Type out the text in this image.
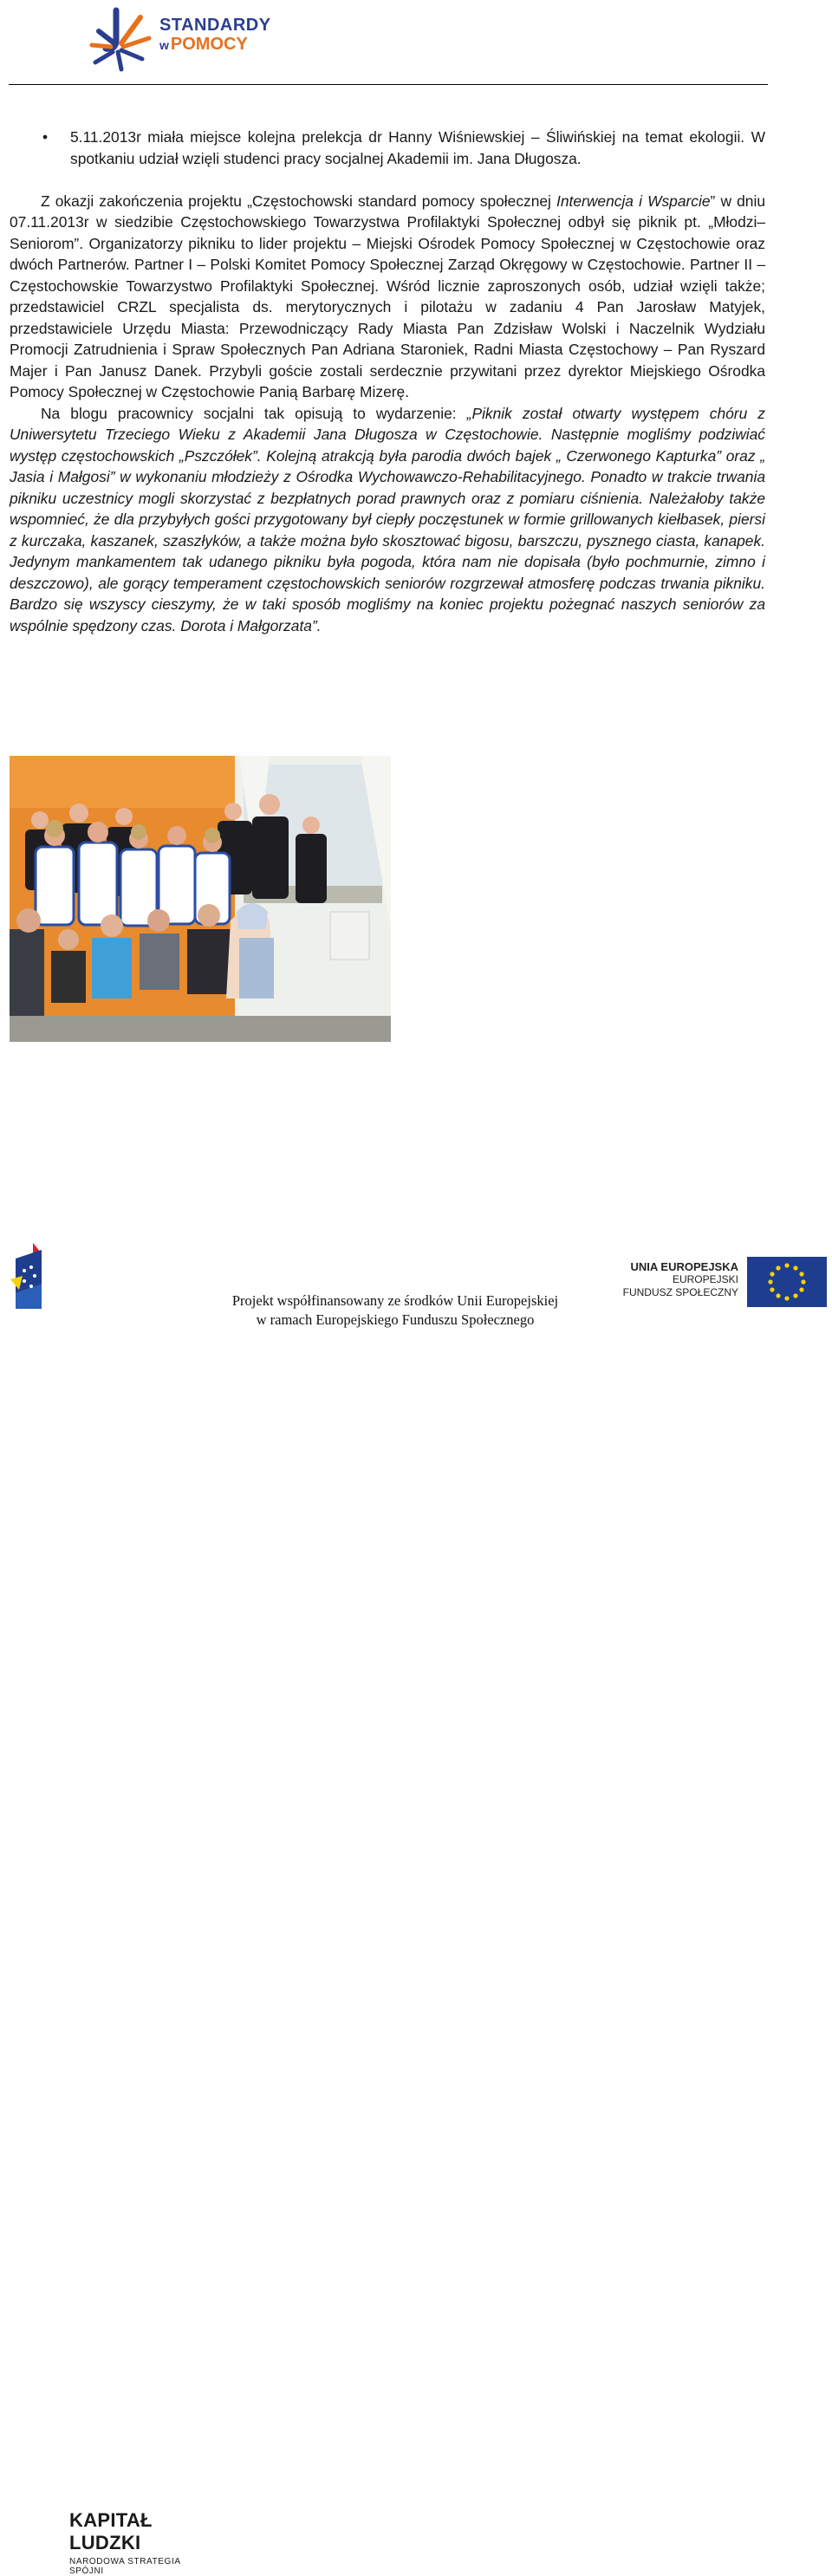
STANDARDY
w POMOCY
• 5.11.2013r miała miejsce kolejna prelekcja dr Hanny Wiśniewskiej – Śliwińskiej na temat ekologii. W spotkaniu udział wzięli studenci pracy socjalnej Akademii im. Jana Długosza.

Z okazji zakończenia projektu „Częstochowski standard pomocy społecznej Interwencja i Wsparcie” w dniu 07.11.2013r w siedzibie Częstochowskiego Towarzystwa Profilaktyki Społecznej odbył się piknik pt. „Młodzi–Seniorom”. Organizatorzy pikniku to lider projektu – Miejski Ośrodek Pomocy Społecznej w Częstochowie oraz dwóch Partnerów. Partner I – Polski Komitet Pomocy Społecznej Zarząd Okręgowy w Częstochowie. Partner II – Częstochowskie Towarzystwo Profilaktyki Społecznej. Wśród licznie zaproszonych osób, udział wzięli także; przedstawiciel CRZL specjalista ds. merytorycznych i pilotażu w zadaniu 4 Pan Jarosław Matyjek, przedstawiciele Urzędu Miasta: Przewodniczący Rady Miasta Pan Zdzisław Wolski i Naczelnik Wydziału Promocji Zatrudnienia i Spraw Społecznych Pan Adriana Staroniek, Radni Miasta Częstochowy – Pan Ryszard Majer i Pan Janusz Danek. Przybyli goście zostali serdecznie przywitani przez dyrektor Miejskiego Ośrodka Pomocy Społecznej w Częstochowie Panią Barbarę Mizerę.

Na blogu pracownicy socjalni tak opisują to wydarzenie: „Piknik został otwarty występem chóru z Uniwersytetu Trzeciego Wieku z Akademii Jana Długosza w Częstochowie. Następnie mogliśmy podziwiać występ częstochowskich „Pszczółek”. Kolejną atrakcją była parodia dwóch bajek „ Czerwonego Kapturka” oraz „ Jasia i Małgosi” w wykonaniu młodzieży z Ośrodka Wychowawczo-Rehabilitacyjnego. Ponadto w trakcie trwania pikniku uczestnicy mogli skorzystać z bezpłatnych porad prawnych oraz z pomiaru ciśnienia. Należałoby także wspomnieć, że dla przybyłych gości przygotowany był ciepły poczęstunek w formie grillowanych kiełbasek, piersi z kurczaka, kaszanek, szaszłyków, a także można było skosztować bigosu, barszczu, pysznego ciasta, kanapek. Jedynym mankamentem tak udanego pikniku była pogoda, która nam nie dopisała (było pochmurnie, zimno i deszczowo), ale gorący temperament częstochowskich seniorów rozgrzewał atmosferę podczas trwania pikniku. Bardzo się wszyscy cieszymy, że w taki sposób mogliśmy na koniec projektu pożegnać naszych seniorów za wspólnie spędzony czas. Dorota i Małgorzata”.

KAPITAŁ LUDZKI
NARODOWA STRATEGIA SPÓJNI
Projekt współfinansowany ze środków Unii Europejskiej
w ramach Europejskiego Funduszu Społecznego
UNIA EUROPEJSKA
EUROPEJSKI
FUNDUSZ SPOŁECZNY
